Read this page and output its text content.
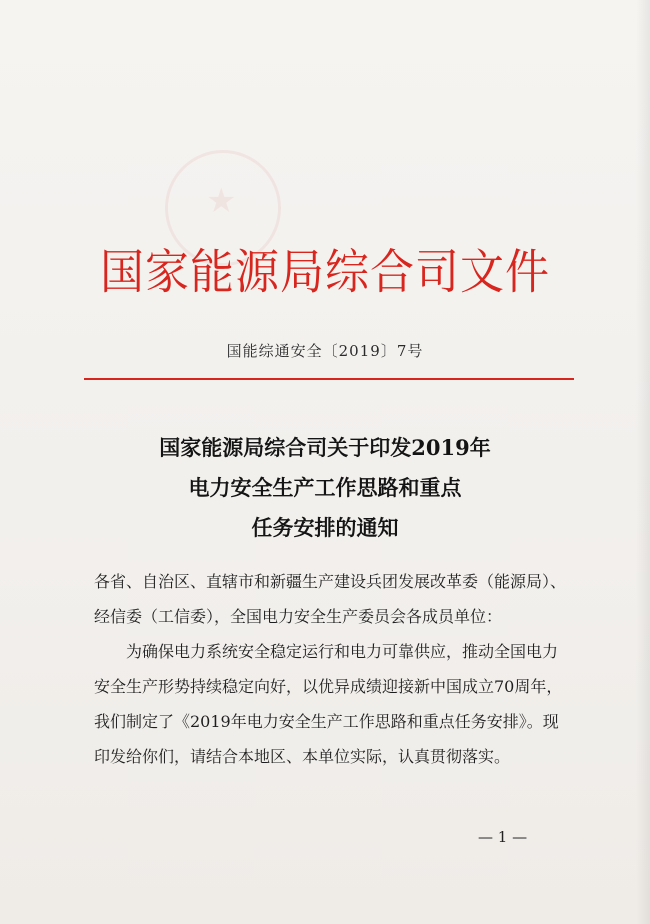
★
国家能源局综合司文件
国能综通安全〔2019〕7号
国家能源局综合司关于印发2019年
电力安全生产工作思路和重点
任务安排的通知
各省、自治区、直辖市和新疆生产建设兵团发展改革委（能源局）、
经信委（工信委），全国电力安全生产委员会各成员单位：
为确保电力系统安全稳定运行和电力可靠供应，推动全国电力
安全生产形势持续稳定向好，以优异成绩迎接新中国成立70周年，
我们制定了《2019年电力安全生产工作思路和重点任务安排》。现
印发给你们，请结合本地区、本单位实际，认真贯彻落实。
— 1 —
